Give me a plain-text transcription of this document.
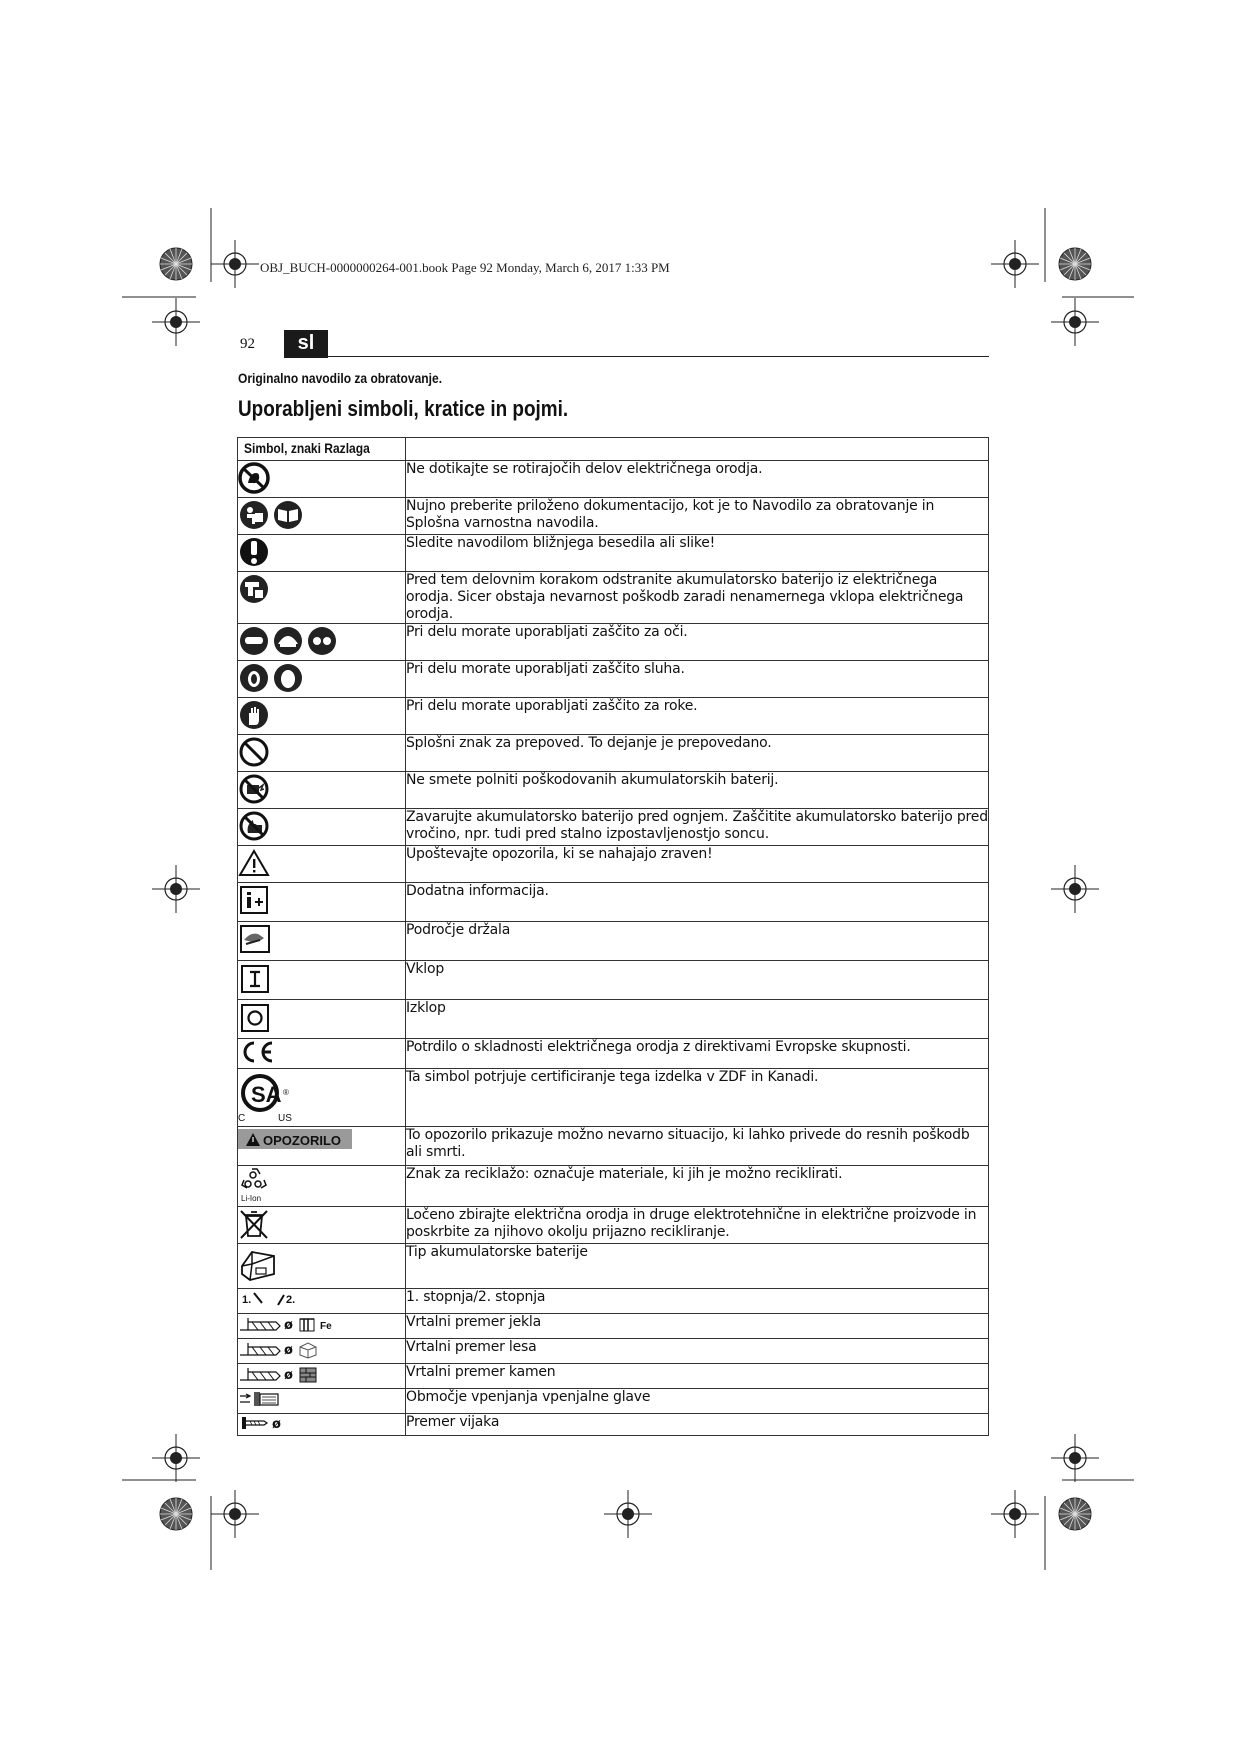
OBJ_BUCH-0000000264-001.book Page 92 Monday, March 6, 2017 1:33 PM
92	sl
Originalno navodilo za obratovanje.
Uporabljeni simboli, kratice in pojmi.
Simbol, znaki Razlaga	

	Ne dotikajte se rotirajočih delov električnega orodja.

	Nujno preberite priloženo dokumentacijo, kot je to Navodilo za obratovanje in Splošna varnostna navodila.

	Sledite navodilom bližnjega besedila ali slike!

	Pred tem delovnim korakom odstranite akumulatorsko baterijo iz električnega orodja. Sicer obstaja nevarnost poškodb zaradi nenamernega vklopa električnega orodja.

	Pri delu morate uporabljati zaščito za oči.

	Pri delu morate uporabljati zaščito sluha.

	Pri delu morate uporabljati zaščito za roke.

	Splošni znak za prepoved. To dejanje je prepovedano.

	Ne smete polniti poškodovanih akumulatorskih baterij.

	Zavarujte akumulatorsko baterijo pred ognjem. Zaščitite akumulatorsko baterijo pred vročino, npr. tudi pred stalno izpostavljenostjo soncu.

	Upoštevajte opozorila, ki se nahajajo zraven!

	Dodatna informacija.

	Področje držala

	Vklop

	Izklop

	Potrdilo o skladnosti električnega orodja z direktivami Evropske skupnosti.

SA ®
C US	Ta simbol potrjuje certificiranje tega izdelka v ZDF in Kanadi.

OPOZORILO	To opozorilo prikazuje možno nevarno situacijo, ki lahko privede do resnih poškodb ali smrti.

Li-Ion	Znak za reciklažo: označuje materiale, ki jih je možno reciklirati.

	Ločeno zbirajte električna orodja in druge elektrotehnične in električne proizvode in poskrbite za njihovo okolju prijazno recikliranje.

	Tip akumulatorske baterije

1. 2.	1. stopnja/2. stopnja

ø Fe	Vrtalni premer jekla

ø	Vrtalni premer lesa

ø	Vrtalni premer kamen

	Območje vpenjanja vpenjalne glave

ø	Premer vijaka
